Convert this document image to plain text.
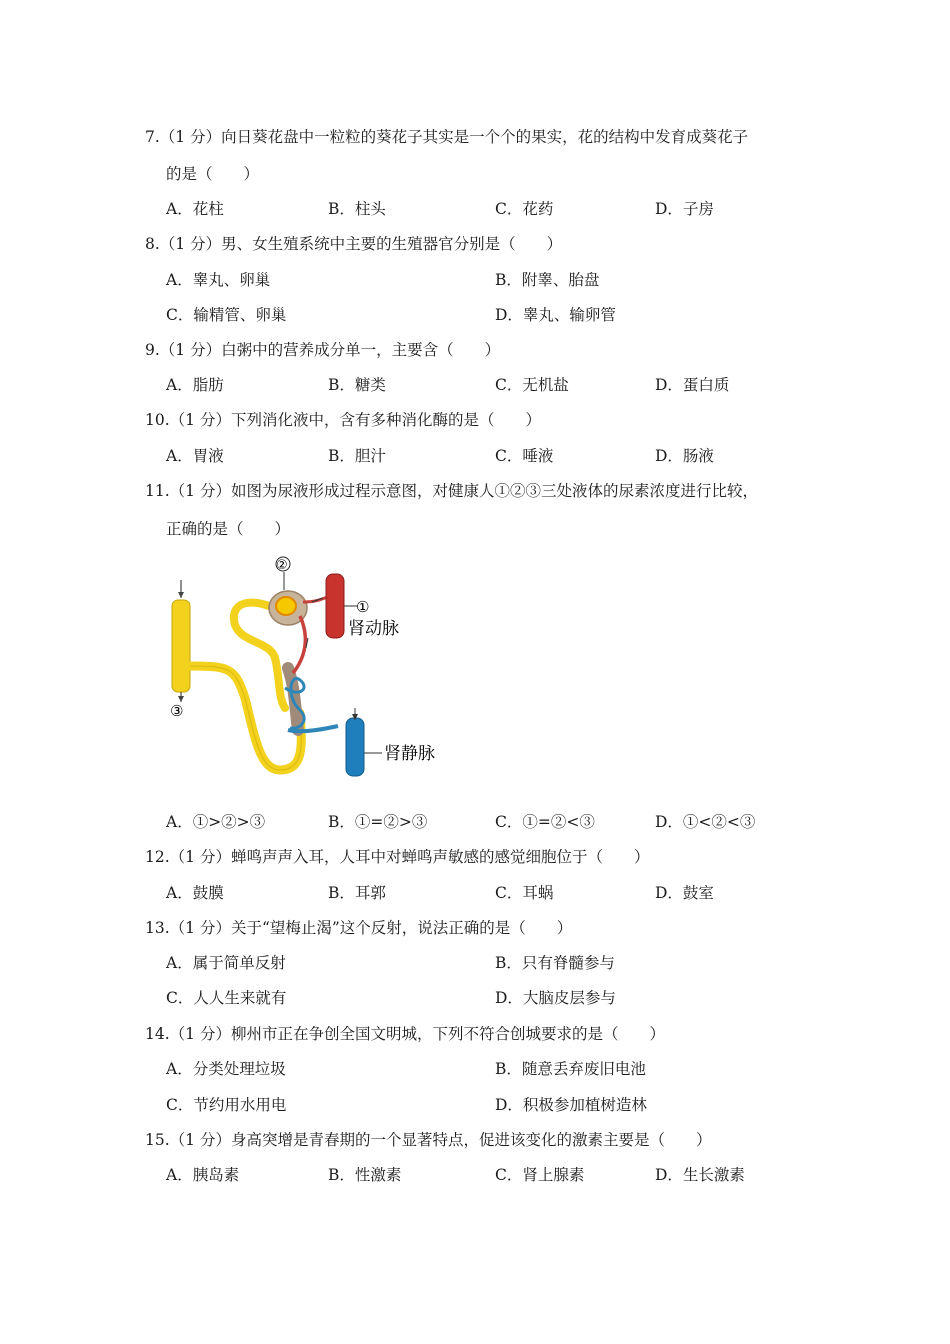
7.（1 分）向日葵花盘中一粒粒的葵花子其实是一个个的果实，花的结构中发育成葵花子
的是（　　）
A．花柱	B．柱头	C．花药	D．子房
8.（1 分）男、女生殖系统中主要的生殖器官分别是（　　）
A．睾丸、卵巢	B．附睾、胎盘
C．输精管、卵巢	D．睾丸、输卵管
9.（1 分）白粥中的营养成分单一，主要含（　　）
A．脂肪	B．糖类	C．无机盐	D．蛋白质
10.（1 分）下列消化液中，含有多种消化酶的是（　　）
A．胃液	B．胆汁	C．唾液	D．肠液
11.（1 分）如图为尿液形成过程示意图，对健康人①②③三处液体的尿素浓度进行比较，
正确的是（　　）
②
①
肾动脉
③
肾静脉
A．①>②>③	B．①=②>③	C．①=②<③	D．①<②<③
12.（1 分）蝉鸣声声入耳，人耳中对蝉鸣声敏感的感觉细胞位于（　　）
A．鼓膜	B．耳郭	C．耳蜗	D．鼓室
13.（1 分）关于“望梅止渴”这个反射，说法正确的是（　　）
A．属于简单反射	B．只有脊髓参与
C．人人生来就有	D．大脑皮层参与
14.（1 分）柳州市正在争创全国文明城，下列不符合创城要求的是（　　）
A．分类处理垃圾	B．随意丢弃废旧电池
C．节约用水用电	D．积极参加植树造林
15.（1 分）身高突增是青春期的一个显著特点，促进该变化的激素主要是（　　）
A．胰岛素	B．性激素	C．肾上腺素	D．生长激素
